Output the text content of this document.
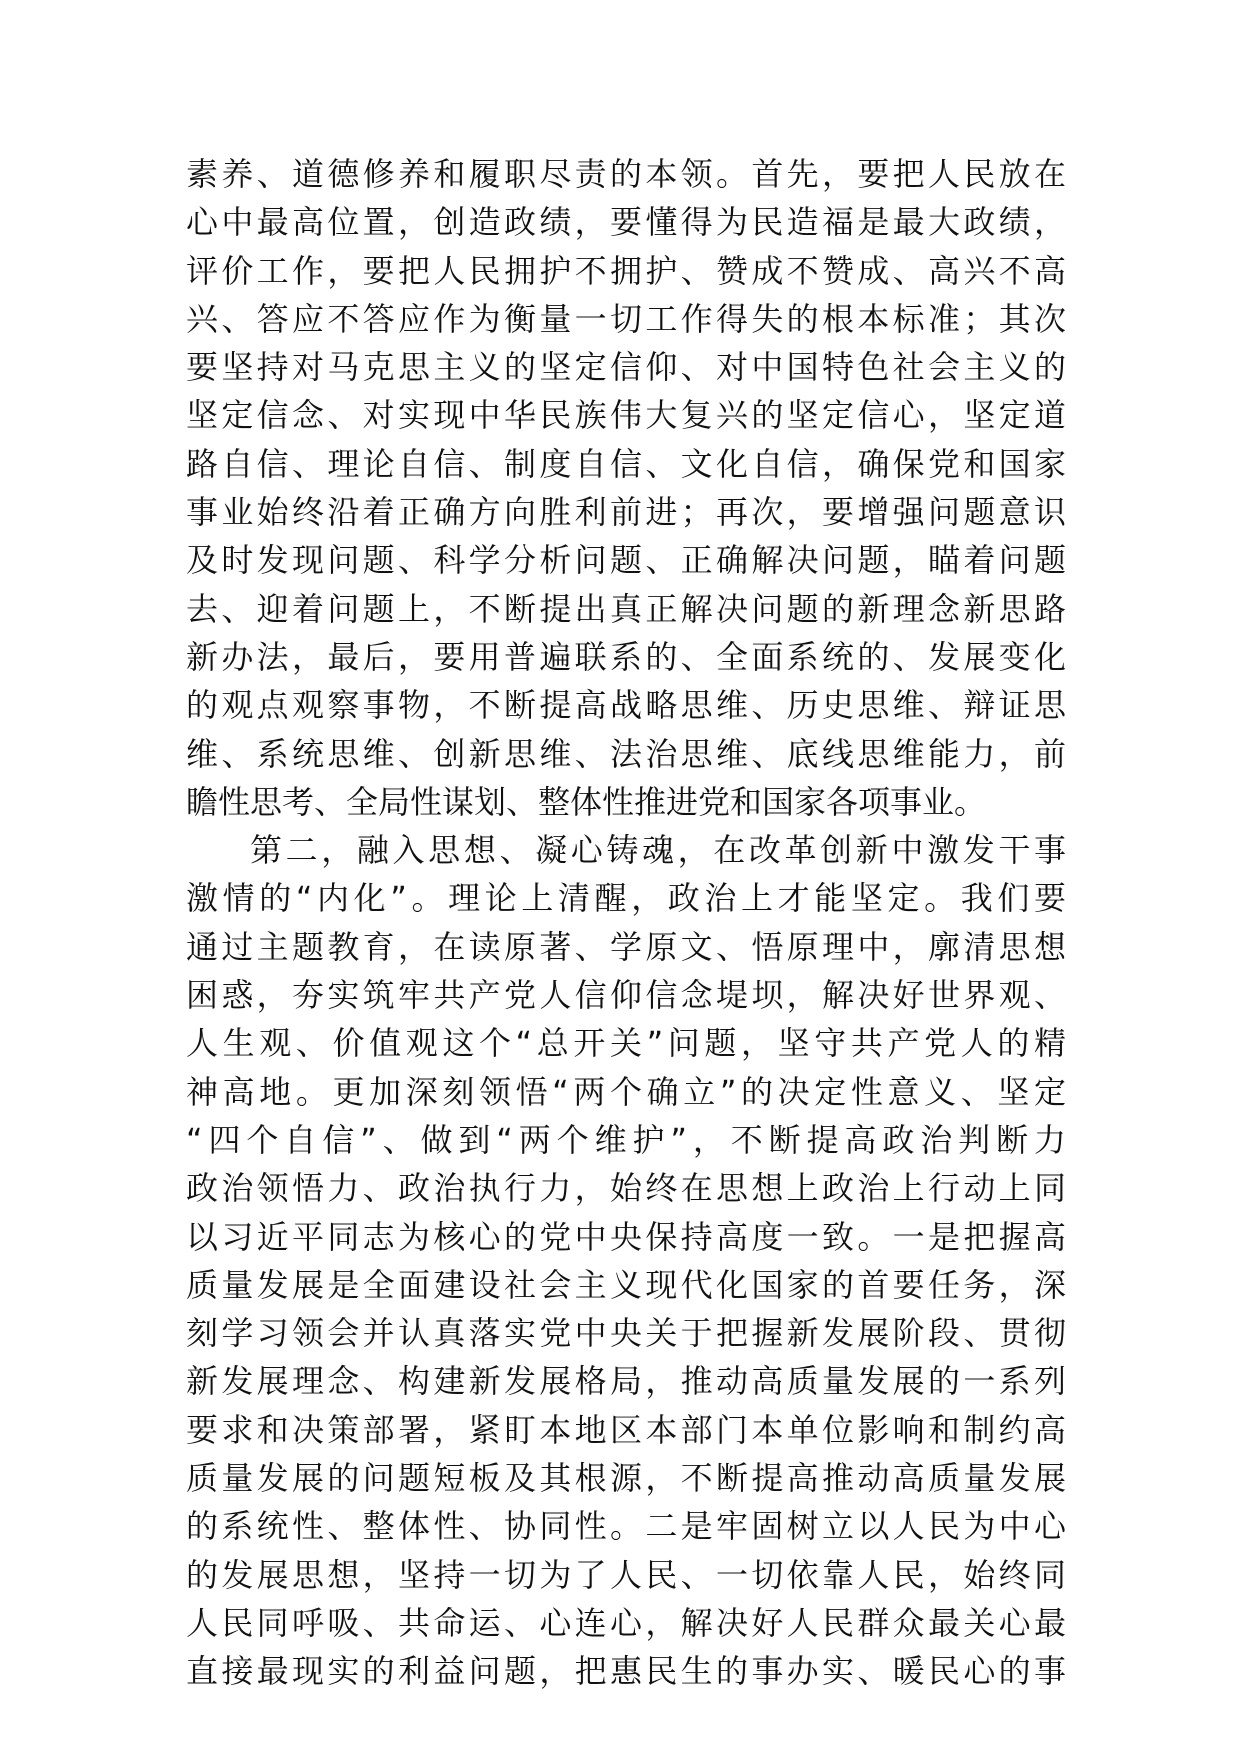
素养、道德修养和履职尽责的本领。首先，要把人民放在
心中最高位置，创造政绩，要懂得为民造福是最大政绩，
评价工作，要把人民拥护不拥护、赞成不赞成、高兴不高
兴、答应不答应作为衡量一切工作得失的根本标准；其次
要坚持对马克思主义的坚定信仰、对中国特色社会主义的
坚定信念、对实现中华民族伟大复兴的坚定信心，坚定道
路自信、理论自信、制度自信、文化自信，确保党和国家
事业始终沿着正确方向胜利前进；再次，要增强问题意识
及时发现问题、科学分析问题、正确解决问题，瞄着问题
去、迎着问题上，不断提出真正解决问题的新理念新思路
新办法，最后，要用普遍联系的、全面系统的、发展变化
的观点观察事物，不断提高战略思维、历史思维、辩证思
维、系统思维、创新思维、法治思维、底线思维能力，前
瞻性思考、全局性谋划、整体性推进党和国家各项事业。
第二，融入思想、凝心铸魂，在改革创新中激发干事
激情的“内化”。理论上清醒，政治上才能坚定。我们要
通过主题教育，在读原著、学原文、悟原理中，廓清思想
困惑，夯实筑牢共产党人信仰信念堤坝，解决好世界观、
人生观、价值观这个“总开关”问题，坚守共产党人的精
神高地。更加深刻领悟“两个确立”的决定性意义、坚定
“四个自信”、做到“两个维护”，不断提高政治判断力
政治领悟力、政治执行力，始终在思想上政治上行动上同
以习近平同志为核心的党中央保持高度一致。一是把握高
质量发展是全面建设社会主义现代化国家的首要任务，深
刻学习领会并认真落实党中央关于把握新发展阶段、贯彻
新发展理念、构建新发展格局，推动高质量发展的一系列
要求和决策部署，紧盯本地区本部门本单位影响和制约高
质量发展的问题短板及其根源，不断提高推动高质量发展
的系统性、整体性、协同性。二是牢固树立以人民为中心
的发展思想，坚持一切为了人民、一切依靠人民，始终同
人民同呼吸、共命运、心连心，解决好人民群众最关心最
直接最现实的利益问题，把惠民生的事办实、暖民心的事
